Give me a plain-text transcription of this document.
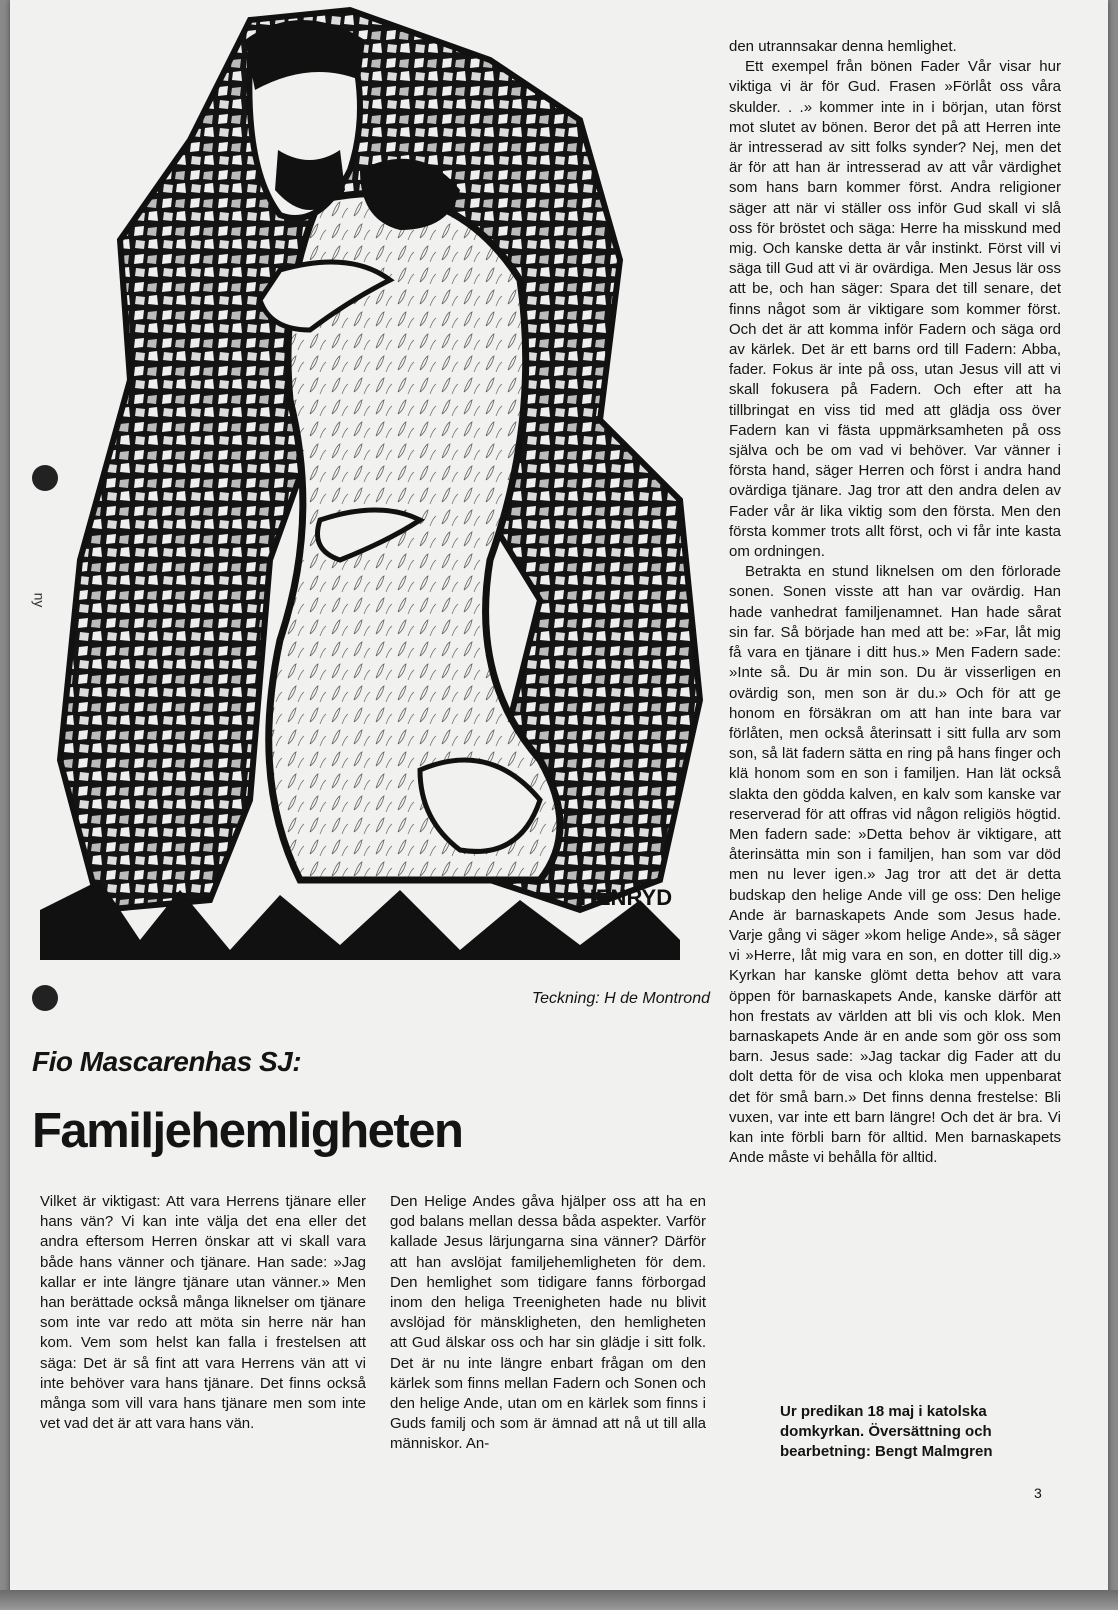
HENRYD
ny
Teckning: H de Montrond
Fio Mascarenhas SJ:
Familjehemligheten

Vilket är viktigast: Att vara Herrens tjänare eller hans vän? Vi kan inte välja det ena eller det andra eftersom Herren önskar att vi skall vara både hans vänner och tjänare. Han sade: »Jag kallar er inte längre tjänare utan vänner.» Men han berättade också många liknelser om tjänare som inte var redo att möta sin herre när han kom. Vem som helst kan falla i frestelsen att säga: Det är så fint att vara Herrens vän att vi inte behöver vara hans tjänare. Det finns också många som vill vara hans tjänare men som inte vet vad det är att vara hans vän.

Den Helige Andes gåva hjälper oss att ha en god balans mellan dessa båda aspekter. Varför kallade Jesus lärjungarna sina vänner? Därför att han avslöjat familjehemligheten för dem. Den hemlighet som tidigare fanns förborgad inom den heliga Treenigheten hade nu blivit avslöjad för mänskligheten, den hemligheten att Gud älskar oss och har sin glädje i sitt folk. Det är nu inte längre enbart frågan om den kärlek som finns mellan Fadern och Sonen och den helige Ande, utan om en kärlek som finns i Guds familj och som är ämnad att nå ut till alla människor. An-

den utrannsakar denna hemlighet.

Ett exempel från bönen Fader Vår visar hur viktiga vi är för Gud. Frasen »Förlåt oss våra skulder. . .» kommer inte in i början, utan först mot slutet av bönen. Beror det på att Herren inte är intresserad av sitt folks synder? Nej, men det är för att han är intresserad av att vår värdighet som hans barn kommer först. Andra religioner säger att när vi ställer oss inför Gud skall vi slå oss för bröstet och säga: Herre ha misskund med mig. Och kanske detta är vår instinkt. Först vill vi säga till Gud att vi är ovärdiga. Men Jesus lär oss att be, och han säger: Spara det till senare, det finns något som är viktigare som kommer först. Och det är att komma inför Fadern och säga ord av kärlek. Det är ett barns ord till Fadern: Abba, fader. Fokus är inte på oss, utan Jesus vill att vi skall fokusera på Fadern. Och efter att ha tillbringat en viss tid med att glädja oss över Fadern kan vi fästa uppmärksamheten på oss själva och be om vad vi behöver. Var vänner i första hand, säger Herren och först i andra hand ovärdiga tjänare. Jag tror att den andra delen av Fader vår är lika viktig som den första. Men den första kommer trots allt först, och vi får inte kasta om ordningen.

Betrakta en stund liknelsen om den förlorade sonen. Sonen visste att han var ovärdig. Han hade vanhedrat familjenamnet. Han hade sårat sin far. Så började han med att be: »Far, låt mig få vara en tjänare i ditt hus.» Men Fadern sade: »Inte så. Du är min son. Du är visserligen en ovärdig son, men son är du.» Och för att ge honom en försäkran om att han inte bara var förlåten, men också återinsatt i sitt fulla arv som son, så lät fadern sätta en ring på hans finger och klä honom som en son i familjen. Han lät också slakta den gödda kalven, en kalv som kanske var reserverad för att offras vid någon religiös högtid. Men fadern sade: »Detta behov är viktigare, att återinsätta min son i familjen, han som var död men nu lever igen.» Jag tror att det är detta budskap den helige Ande vill ge oss: Den helige Ande är barnaskapets Ande som Jesus hade. Varje gång vi säger »kom helige Ande», så säger vi »Herre, låt mig vara en son, en dotter till dig.» Kyrkan har kanske glömt detta behov att vara öppen för barnaskapets Ande, kanske därför att hon frestats av världen att bli vis och klok. Men barnaskapets Ande är en ande som gör oss som barn. Jesus sade: »Jag tackar dig Fader att du dolt detta för de visa och kloka men uppenbarat det för små barn.» Det finns denna frestelse: Bli vuxen, var inte ett barn längre! Och det är bra. Vi kan inte förbli barn för alltid. Men barnaskapets Ande måste vi behålla för alltid.

Ur predikan 18 maj i katolska domkyrkan. Översättning och bearbetning: Bengt Malmgren
3
